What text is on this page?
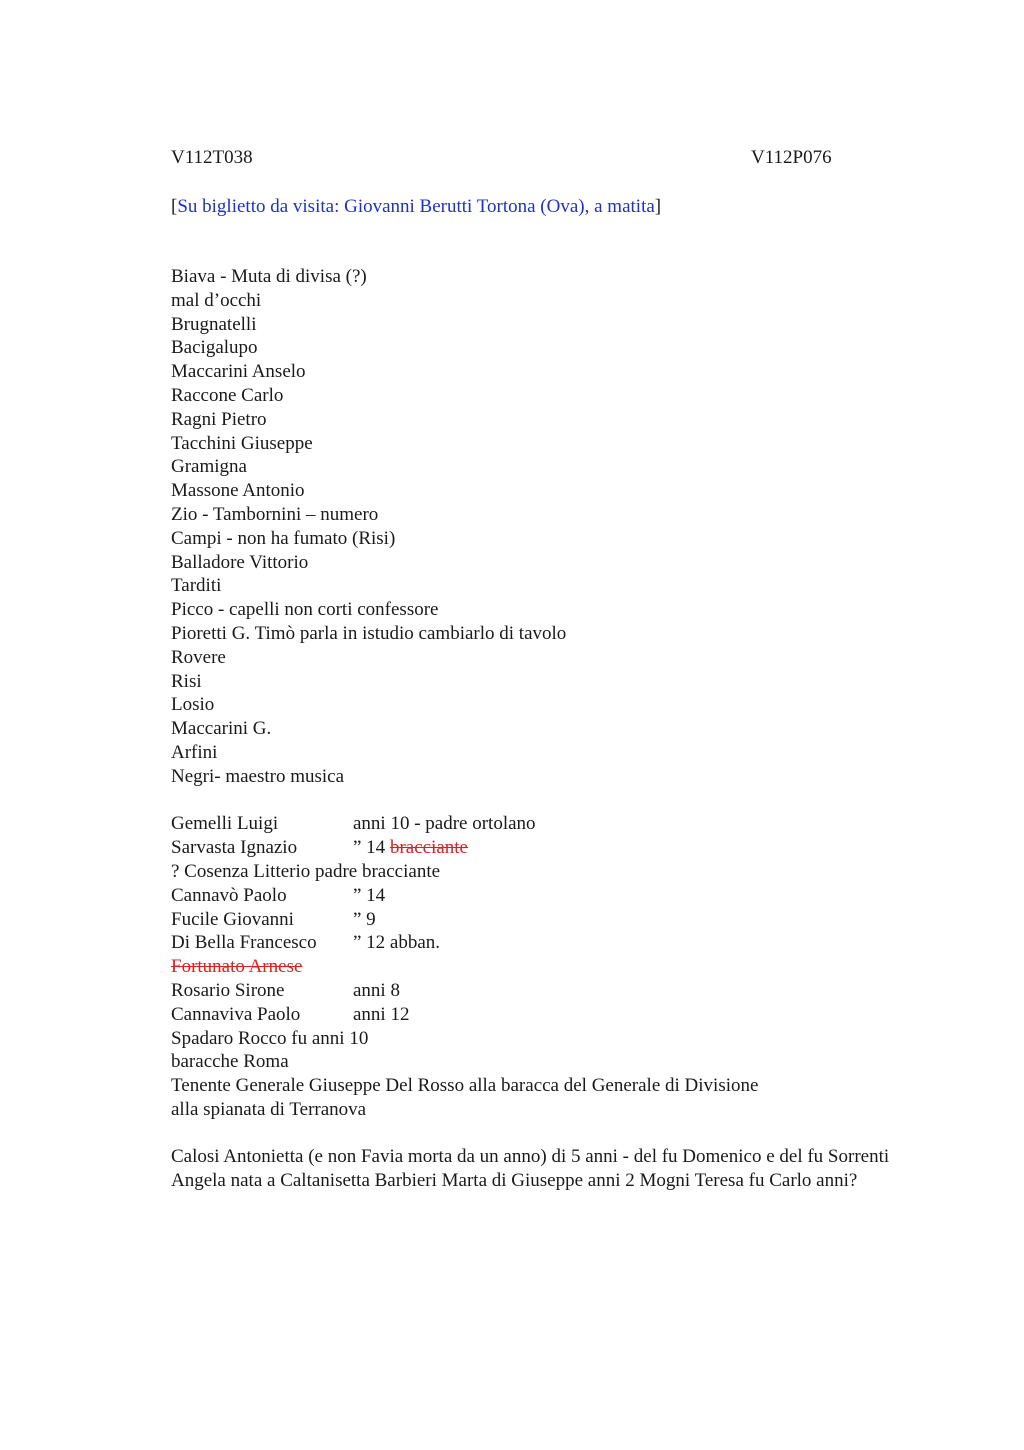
V112T038	V112P076
[Su biglietto da visita: Giovanni Berutti Tortona (Ova), a matita]
Biava - Muta di divisa (?)
mal d’occhi
Brugnatelli
Bacigalupo
Maccarini Anselo
Raccone Carlo
Ragni Pietro
Tacchini Giuseppe
Gramigna
Massone Antonio
Zio - Tambornini – numero
Campi - non ha fumato (Risi)
Balladore Vittorio
Tarditi
Picco - capelli non corti confessore
Pioretti G. Timò parla in istudio cambiarlo di tavolo
Rovere
Risi
Losio
Maccarini G.
Arfini
Negri- maestro musica
Gemelli Luigi	anni 10 - padre ortolano
Sarvasta Ignazio	” 14 bracciante
? Cosenza Litterio padre bracciante
Cannavò Paolo	” 14
Fucile Giovanni	” 9
Di Bella Francesco	” 12 abban.
Fortunato Arnese
Rosario Sirone	anni 8
Cannaviva Paolo	anni 12
Spadaro Rocco fu anni 10
baracche Roma
Tenente Generale Giuseppe Del Rosso alla baracca del Generale di Divisione
alla spianata di Terranova
Calosi Antonietta (e non Favia morta da un anno) di 5 anni - del fu Domenico e del fu Sorrenti Angela nata a Caltanisetta Barbieri Marta di Giuseppe anni 2 Mogni Teresa fu Carlo anni?
